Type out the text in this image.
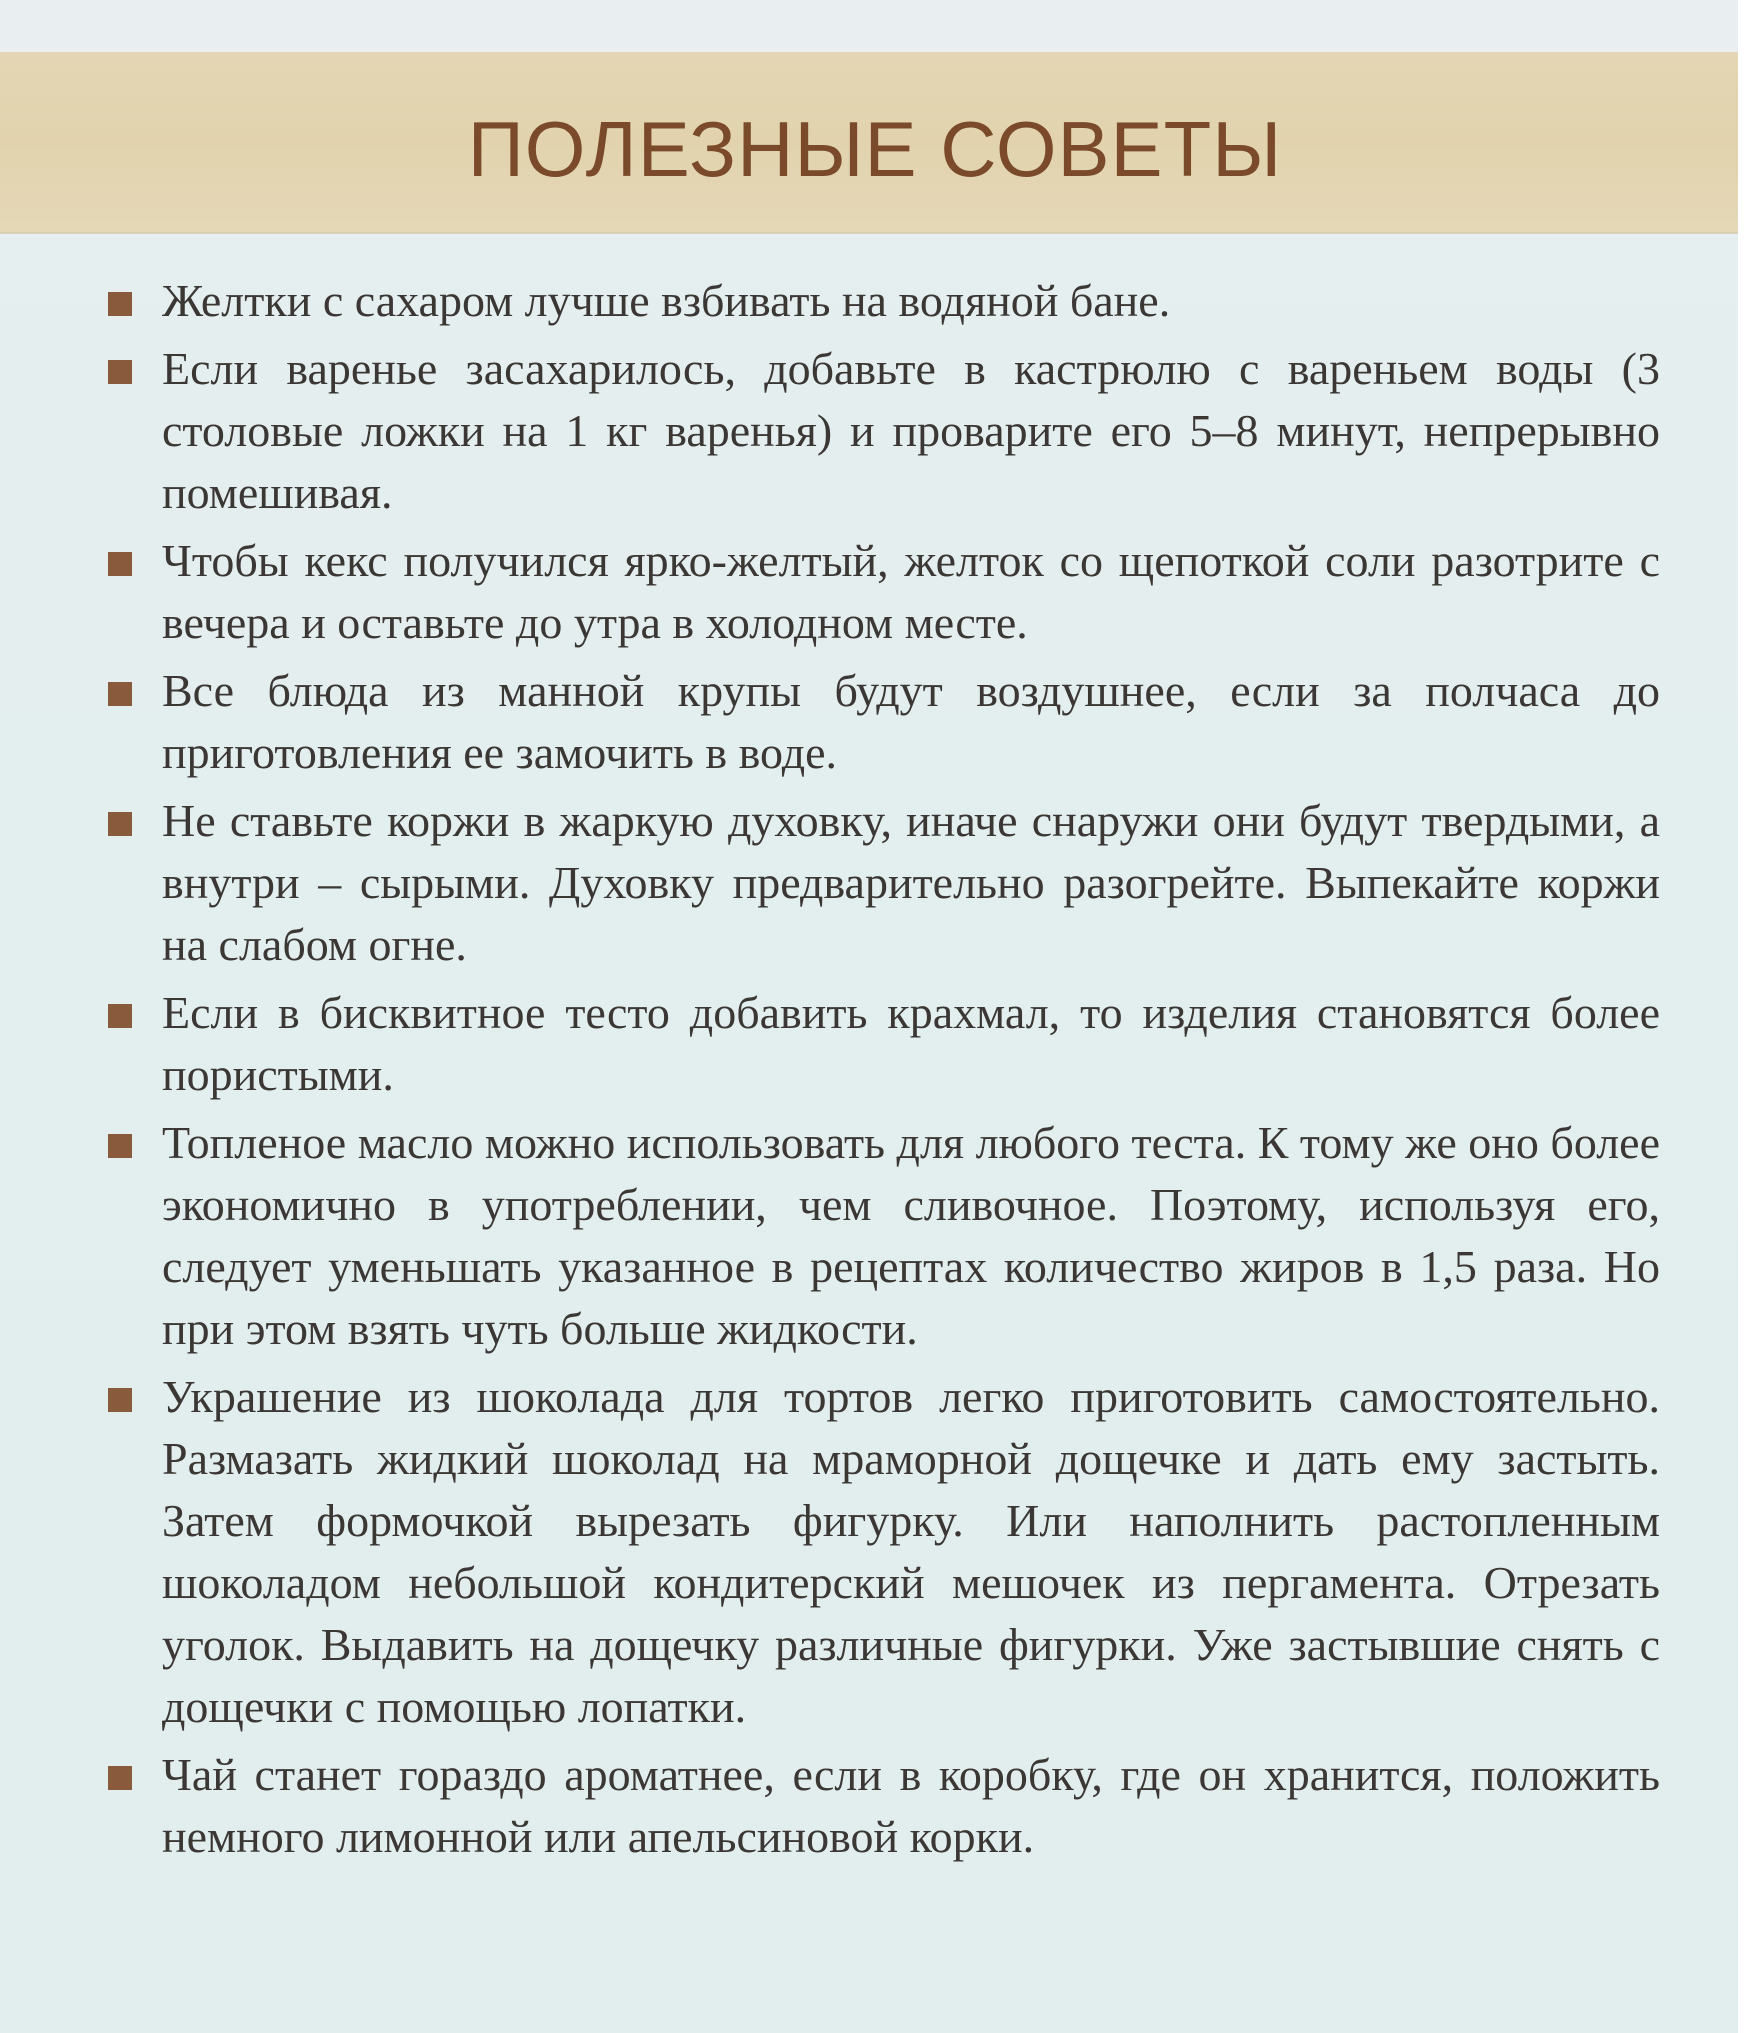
ПОЛЕЗНЫЕ СОВЕТЫ
Желтки с сахаром лучше взбивать на водяной бане.
Если варенье засахарилось, добавьте в кастрюлю с вареньем воды (3 столовые ложки на 1 кг варенья) и проварите его 5–8 минут, непрерывно помешивая.
Чтобы кекс получился ярко-желтый, желток со щепоткой соли разотрите с вечера и оставьте до утра в холодном месте.
Все блюда из манной крупы будут воздушнее, если за полчаса до приготовления ее замочить в воде.
Не ставьте коржи в жаркую духовку, иначе снаружи они будут твердыми, а внутри – сырыми. Духовку предварительно разогрейте. Выпекайте коржи на слабом огне.
Если в бисквитное тесто добавить крахмал, то изделия становятся более пористыми.
Топленое масло можно использовать для любого теста. К тому же оно более экономично в употреблении, чем сливочное. Поэтому, используя его, следует уменьшать указанное в рецептах количество жиров в 1,5 раза. Но при этом взять чуть больше жидкости.
Украшение из шоколада для тортов легко приготовить самостоятельно. Размазать жидкий шоколад на мраморной дощечке и дать ему застыть. Затем формочкой вырезать фигурку. Или наполнить растопленным шоколадом небольшой кондитерский мешочек из пергамента. Отрезать уголок. Выдавить на дощечку различные фигурки. Уже застывшие снять с дощечки с помощью лопатки.
Чай станет гораздо ароматнее, если в коробку, где он хранится, положить немного лимонной или апельсиновой корки.
